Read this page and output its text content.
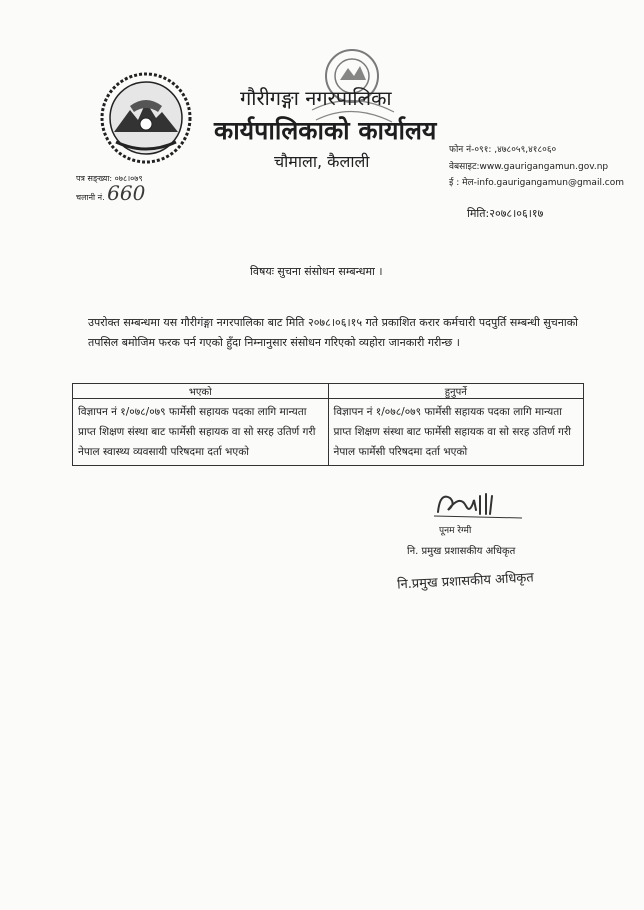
गौरीगङ्गा नगरपालिका
कार्यपालिकाको कार्यालय
चौमाला, कैलाली
फोन नं-०९१: ,४७८०५९,४१८०६०
वेबसाइट:www.gaurigangamun.gov.np
ई : मेल-info.gaurigangamun@gmail.com
पत्र सङ्ख्या: ०७८।०७९
चलानी नं. 660
मिति:२०७८।०६।१७
विषयः सुचना संसोधन सम्बन्धमा ।
उपरोक्त सम्बन्धमा यस गौरीगंङ्गा नगरपालिका बाट मिति २०७८।०६।१५ गते प्रकाशित करार कर्मचारी पदपुर्ति सम्बन्धी सुचनाको तपसिल बमोजिम फरक पर्न गएको हुँदा निम्नानुसार संसोधन गरिएको व्यहोरा जानकारी गरीन्छ ।
भएको	हुनुपर्ने
विज्ञापन नं १/०७८/०७९ फार्मेसी सहायक पदका लागि मान्यता प्राप्त शिक्षण संस्था बाट फार्मेसी सहायक वा सो सरह उतिर्ण गरी नेपाल स्वास्थ्य व्यवसायी परिषदमा दर्ता भएको	विज्ञापन नं १/०७८/०७९ फार्मेसी सहायक पदका लागि मान्यता प्राप्त शिक्षण संस्था बाट फार्मेसी सहायक वा सो सरह उतिर्ण गरी नेपाल फार्मेसी परिषदमा दर्ता भएको
पूनम रेग्मी
नि. प्रमुख प्रशासकीय अधिकृत
नि.प्रमुख प्रशासकीय अधिकृत
